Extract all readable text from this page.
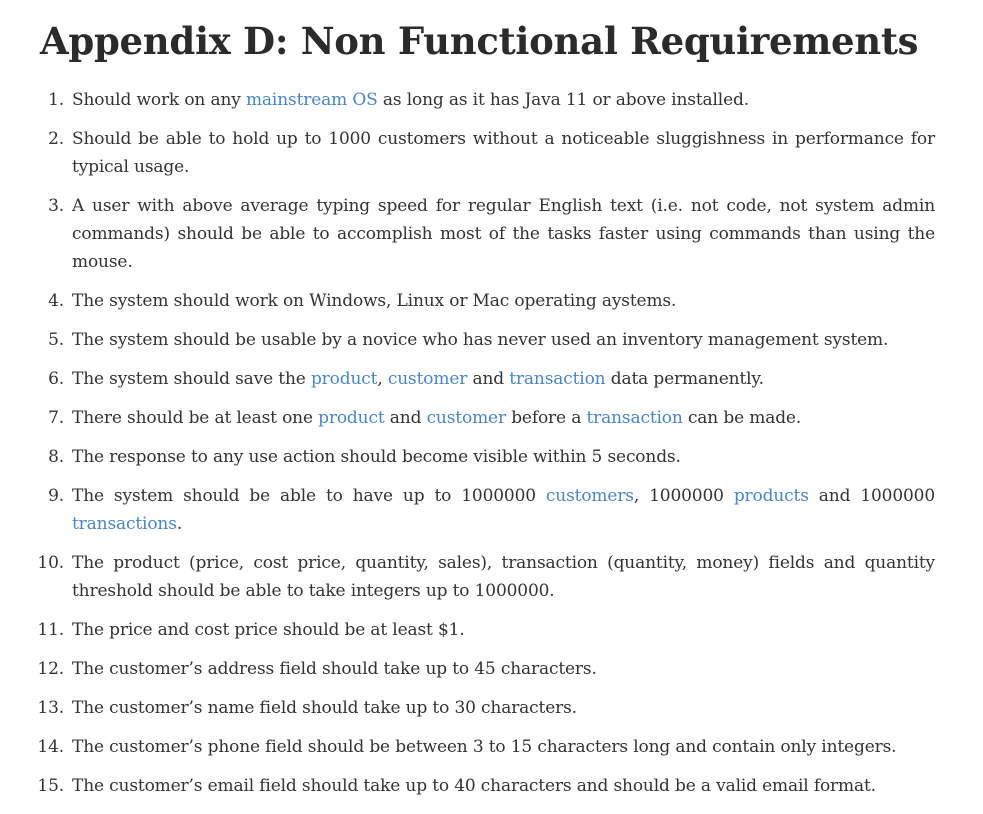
Appendix D: Non Functional Requirements
1. Should work on any mainstream OS as long as it has Java 11 or above installed.
2. Should be able to hold up to 1000 customers without a noticeable sluggishness in performance for typical usage.
3. A user with above average typing speed for regular English text (i.e. not code, not system admin commands) should be able to accomplish most of the tasks faster using commands than using the mouse.
4. The system should work on Windows, Linux or Mac operating aystems.
5. The system should be usable by a novice who has never used an inventory management system.
6. The system should save the product, customer and transaction data permanently.
7. There should be at least one product and customer before a transaction can be made.
8. The response to any use action should become visible within 5 seconds.
9. The system should be able to have up to 1000000 customers, 1000000 products and 1000000 transactions.
10. The product (price, cost price, quantity, sales), transaction (quantity, money) fields and quantity threshold should be able to take integers up to 1000000.
11. The price and cost price should be at least $1.
12. The customer’s address field should take up to 45 characters.
13. The customer’s name field should take up to 30 characters.
14. The customer’s phone field should be between 3 to 15 characters long and contain only integers.
15. The customer’s email field should take up to 40 characters and should be a valid email format.
